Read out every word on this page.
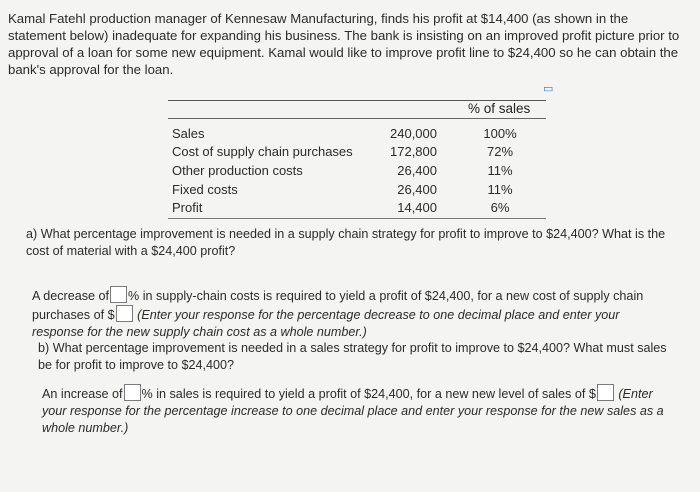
Kamal Fatehl production manager of Kennesaw Manufacturing, finds his profit at $14,400 (as shown in the statement below) inadequate for expanding his business. The bank is insisting on an improved profit picture prior to approval of a loan for some new equipment. Kamal would like to improve profit line to $24,400 so he can obtain the bank's approval for the loan.
▭
% of sales
Sales	240,000	100%
Cost of supply chain purchases	172,800	72%
Other production costs	26,400	11%
Fixed costs	26,400	11%
Profit	14,400	6%
a) What percentage improvement is needed in a supply chain strategy for profit to improve to $24,400? What is the cost of material with a $24,400 profit?
A decrease of % in supply-chain costs is required to yield a profit of $24,400, for a new cost of supply chain purchases of $ (Enter your response for the percentage decrease to one decimal place and enter your response for the new supply chain cost as a whole number.)
b) What percentage improvement is needed in a sales strategy for profit to improve to $24,400? What must sales be for profit to improve to $24,400?
An increase of % in sales is required to yield a profit of $24,400, for a new new level of sales of $ (Enter your response for the percentage increase to one decimal place and enter your response for the new sales as a whole number.)
